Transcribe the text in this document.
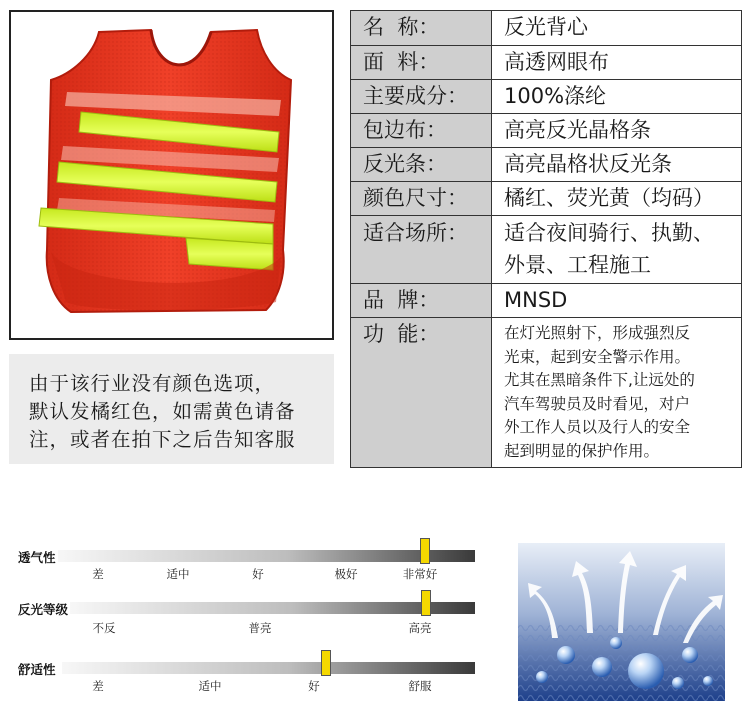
由于该行业没有颜色选项，
默认发橘红色，如需黄色请备
注，或者在拍下之后告知客服
名  称：	反光背心
面  料：	高透网眼布
主要成分：	100%涤纶
包边布：	高亮反光晶格条
反光条：	高亮晶格状反光条
颜色尺寸：	橘红、荧光黄（均码）
适合场所：	适合夜间骑行、执勤、
外景、工程施工
品  牌：	MNSD
功  能：	在灯光照射下，形成强烈反
光束，起到安全警示作用。
尤其在黑暗条件下,让远处的
汽车驾驶员及时看见，对户
外工作人员以及行人的安全
起到明显的保护作用。
透气性
差	适中	好	极好	非常好
反光等级
不反	普亮	高亮
舒适性
差	适中	好	舒服
